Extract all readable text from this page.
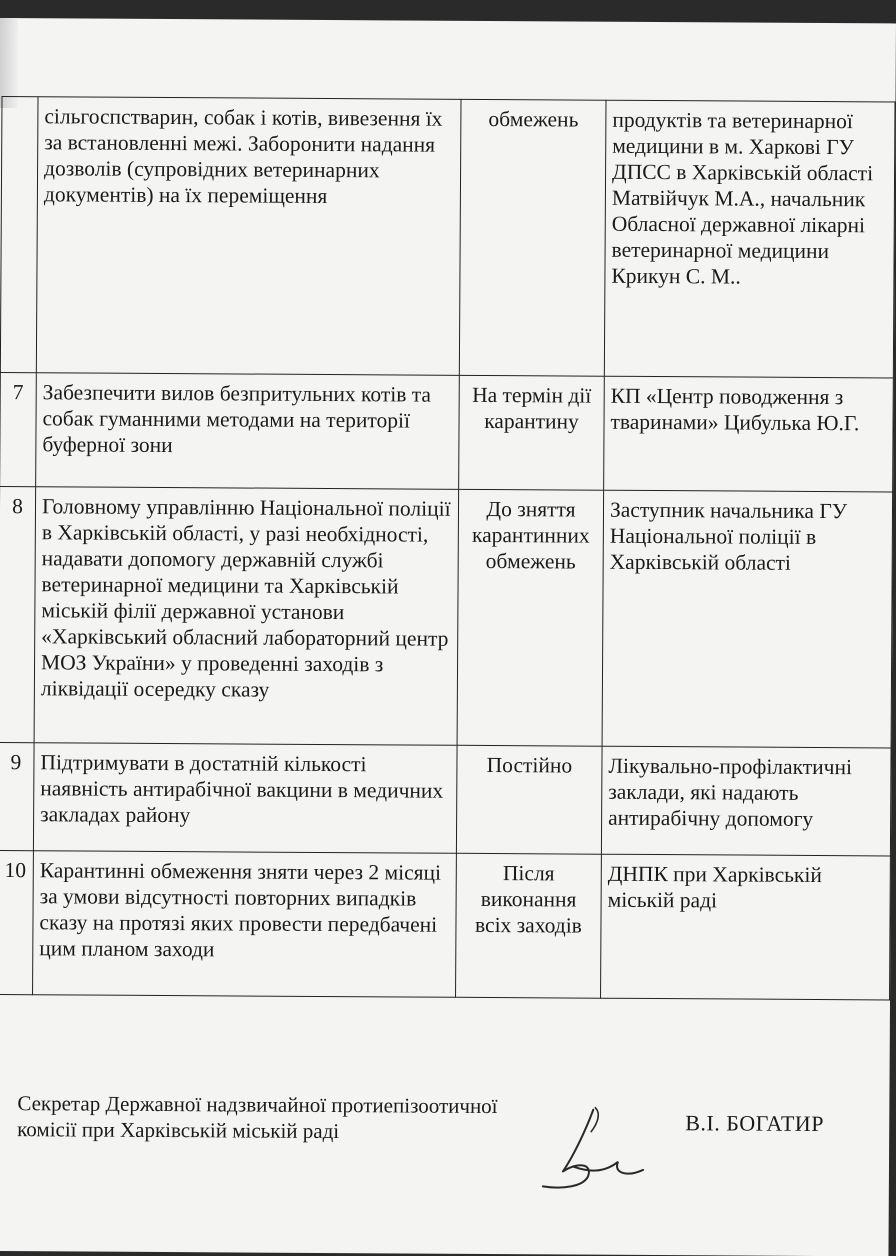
	сільгоспстварин, собак і котів, вивезення їх за встановленні межі. Заборонити надання дозволів (супровідних ветеринарних документів) на їх переміщення	обмежень	продуктів та ветеринарної медицини в м. Харкові ГУ ДПСС в Харківській області Матвійчук М.А., начальник Обласної державної лікарні ветеринарної медицини Крикун С. М..
7	Забезпечити вилов безпритульних котів та собак гуманними методами на території буферної зони	На термін дії карантину	КП «Центр поводження з тваринами» Цибулька Ю.Г.
8	Головному управлінню Національної поліції в Харківській області, у разі необхідності, надавати допомогу державній службі ветеринарної медицини та Харківській міській філії державної установи «Харківський обласний лабораторний центр МОЗ України» у проведенні заходів з ліквідації осередку сказу	До зняття карантинних обмежень	Заступник начальника ГУ Національної поліції в Харківській області
9	Підтримувати в достатній кількості наявність антирабічної вакцини в медичних закладах району	Постійно	Лікувально-профілактичні заклади, які надають антирабічну допомогу
10	Карантинні обмеження зняти через 2 місяці за умови відсутності повторних випадків сказу на протязі яких провести передбачені цим планом заходи	Після виконання всіх заходів	ДНПК при Харківській міській раді
Секретар Державної надзвичайної протиепізоотичної
комісії при Харківській міській раді	В.І. БОГАТИР
